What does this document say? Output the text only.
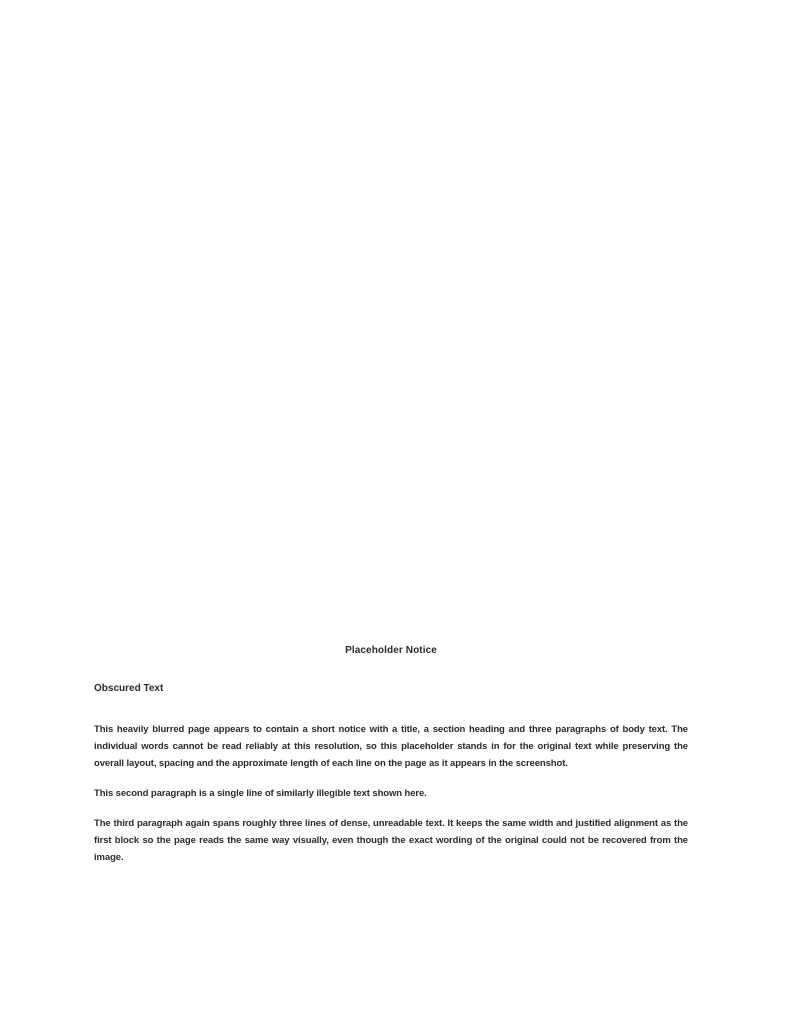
Placeholder Notice
Obscured Text

This heavily blurred page appears to contain a short notice with a title, a section heading and three paragraphs of body text. The individual words cannot be read reliably at this resolution, so this placeholder stands in for the original text while preserving the overall layout, spacing and the approximate length of each line on the page as it appears in the screenshot.

This second paragraph is a single line of similarly illegible text shown here.

The third paragraph again spans roughly three lines of dense, unreadable text. It keeps the same width and justified alignment as the first block so the page reads the same way visually, even though the exact wording of the original could not be recovered from the image.
